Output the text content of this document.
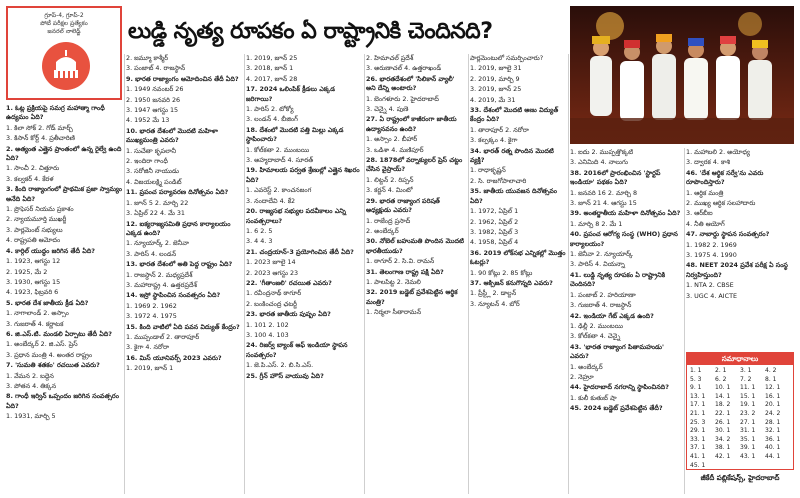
గ్రూప్-4, గ్రూప్-2
పోటీ పరీక్షల ప్రత్యేకం
జనరల్ నాలెడ్జ్	లుడ్డి నృత్య రూపకం ఏ రాష్ట్రానికి చెందినది?

1. ఓట్ల ప్రక్రియపై సమగ్ర మహాత్మా గాంధీ ఉద్యమం ఏది?

1. కిలా సోక్ 2. గోడ్ మార్చ్

3. కిసాన్ కోర్ట్ 4. ప్రతీచారిణి

2. అత్యంత ఎత్తైన ప్రాంతంలో ఉన్న రైల్వే ఉంది ఏది?

1. సాంచీ 2. చిత్తూరు

3. కల్వకర్ 4. కేరళ

3. కింది రాజ్యాంగంలో ప్రాథమిక ప్రజా స్వామ్యం అనేది ఏది?

1. ప్రొఫెసర్ నియమ ప్రకాశం

2. న్యాయమూర్తి ముఖర్జీ

3. పార్లమెంట్ సభ్యులు

4. రాష్ట్రపతి ఆమోదం

4. కార్గిల్ యుద్ధం జరిగిన తేదీ ఏది?

1. 1923, ఆగస్టు 12

2. 1925, మే 2

3. 1930, ఆగస్టు 15

4. 1923, ఫిబ్రవరి 6

5. భారత దేశ జాతీయ క్రీడ ఏది?

1. నాగాలాండ్ 2. అస్సాం

3. గుజరాత్ 4. కర్ణాటక

6. జి.ఎస్.టి. మండలి ఏర్పాటు తేదీ ఏది?

1. అంబేద్కర్ 2. జి.ఎస్. ప్రెస్

3. ప్రధాన మంత్రి 4. అంతర రాష్ట్రం

7. 'సుమతి శతకం' రచయిత ఎవరు?

1. వేమన 2. బద్దెన

3. పోతన 4. తిక్కన

8. గాంధీ ఇర్విన్ ఒప్పందం జరిగిన సంవత్సరం ఏది?

1. 1931, మార్చి 5

2. జమ్మూ కాశ్మీర్

3. పంజాబ్ 4. రాజస్థాన్

9. భారత రాజ్యాంగం ఆమోదించిన తేదీ ఏది?

1. 1949 నవంబర్ 26

2. 1950 జనవరి 26

3. 1947 ఆగస్టు 15

4. 1952 మే 13

10. భారత దేశంలో మొదటి మహిళా ముఖ్యమంత్రి ఎవరు?

1. సుచేతా కృపలానీ

2. ఇందిరా గాంధీ

3. సరోజినీ నాయుడు

4. విజయలక్ష్మి పండిట్

11. ప్రపంచ పర్యావరణ దినోత్సవం ఏది?

1. జూన్ 5 2. మార్చి 22

3. ఏప్రిల్ 22 4. మే 31

12. ఐక్యరాజ్యసమితి ప్రధాన కార్యాలయం ఎక్కడ ఉంది?

1. న్యూయార్క్ 2. జెనీవా

3. పారిస్ 4. లండన్

13. భారత దేశంలో అతి పెద్ద రాష్ట్రం ఏది?

1. రాజస్థాన్ 2. మధ్యప్రదేశ్

3. మహారాష్ట్ర 4. ఉత్తరప్రదేశ్

14. ఇస్రో స్థాపించిన సంవత్సరం ఏది?

1. 1969 2. 1962

3. 1972 4. 1975

15. కింది వాటిలో ఏది పవన విద్యుత్ కేంద్రం?

1. ముప్పండాల్ 2. తారాపూర్

3. కైగా 4. నరోరా

16. మిస్ యూనివర్స్ 2023 ఎవరు?

1. 2019, జూన్ 1

1. 2019, జూన్ 25

3. 2018, జూన్ 1

4. 2017, జూన్ 28

17. 2024 ఒలింపిక్ క్రీడలు ఎక్కడ జరిగాయి?

1. పారిస్ 2. టోక్యో

3. లండన్ 4. బీజింగ్

18. దేశంలో మొదటి పత్తి మిల్లు ఎక్కడ స్థాపించారు?

1. కోల్‌కతా 2. ముంబయి

3. అహ్మదాబాద్ 4. సూరత్

19. హిమాలయ పర్వత శ్రేణుల్లో ఎత్తైన శిఖరం ఏది?

1. ఎవరెస్ట్ 2. కాంచనజంగ

3. నందాదేవి 4. కే2

20. రాజ్యసభ సభ్యుల పదవీకాలం ఎన్ని సంవత్సరాలు?

1. 6 2. 5

3. 4 4. 3

21. చంద్రయాన్-3 ప్రయోగించిన తేదీ ఏది?

1. 2023 జూలై 14

2. 2023 ఆగస్టు 23

22. 'గీతాంజలి' రచయిత ఎవరు?

1. రవీంద్రనాథ్ ఠాగూర్

2. బంకించంద్ర ఛటర్జీ

23. భారత జాతీయ పుష్పం ఏది?

1. 101 2. 102

3. 100 4. 103

24. రిజర్వ్ బ్యాంక్ ఆఫ్ ఇండియా స్థాపన సంవత్సరం?

1. జె.పి.ఎస్. 2. బి.సి.ఎస్.

25. గ్రీన్ హౌస్ వాయువు ఏది?

2. హిమాచల్ ప్రదేశ్

3. అరుణాచల్ 4. ఉత్తరాఖండ్

26. భారతదేశంలో 'సిలికాన్ వ్యాలీ' అని దేన్ని అంటారు?

1. బెంగళూరు 2. హైదరాబాద్

3. చెన్నై 4. పుణె

27. ఏ రాష్ట్రంలో కాజీరంగా జాతీయ ఉద్యానవనం ఉంది?

1. అస్సాం 2. బీహార్

3. ఒడిశా 4. మణిపూర్

28. 1878లో వర్నాక్యులర్ ప్రెస్ చట్టం చేసిన వైస్రాయ్?

1. లిట్టన్ 2. రిప్పన్

3. కర్జన్ 4. మింటో

29. భారత రాజ్యాంగ పరిషత్ అధ్యక్షుడు ఎవరు?

1. రాజేంద్ర ప్రసాద్

2. అంబేద్కర్

30. నోబెల్ బహుమతి పొందిన మొదటి భారతీయుడు?

1. ఠాగూర్ 2. సి.వి. రామన్

31. తెలంగాణ రాష్ట్ర పక్షి ఏది?

1. పాలపిట్ట 2. నెమలి

32. 2019 బడ్జెట్ ప్రవేశపెట్టిన ఆర్థిక మంత్రి?

1. నిర్మలా సీతారామన్

పార్లమెంటులో సమర్పించారు?

1. 2019, జూలై 31

2. 2019, మార్చి 9

3. 2019, జూన్ 25

4. 2019, మే 31

33. దేశంలో మొదటి అణు విద్యుత్ కేంద్రం ఏది?

1. తారాపూర్ 2. నరోరా

3. కల్పక్కం 4. కైగా

34. భారత్ రత్న పొందిన మొదటి వ్యక్తి?

1. రాధాకృష్ణన్

2. సి. రాజగోపాలాచారి

35. జాతీయ యువజన దినోత్సవం ఏది?

1. 1972, ఏప్రిల్ 1

2. 1962, ఏప్రిల్ 2

3. 1982, ఏప్రిల్ 3

4. 1958, ఏప్రిల్ 4

36. 2019 లోక్‌సభ ఎన్నికల్లో మొత్తం ఓటర్లు?

1. 90 కోట్లు 2. 85 కోట్లు

37. ఆక్సిజన్ కనుగొన్నది ఎవరు?

1. ప్రీస్ట్లీ 2. డాల్టన్

3. న్యూటన్ 4. బోర్

1. ఐదు 2. ముప్పత్తొక్కటి

3. ఎనిమిది 4. నాలుగు

38. 2016లో ప్రారంభించిన 'స్టార్టప్ ఇండియా' పథకం ఏది?

1. జనవరి 16 2. మార్చి 8

3. జూన్ 21 4. ఆగస్టు 15

39. అంతర్జాతీయ మహిళా దినోత్సవం ఏది?

1. మార్చి 8 2. మే 1

40. ప్రపంచ ఆరోగ్య సంస్థ (WHO) ప్రధాన కార్యాలయం?

1. జెనీవా 2. న్యూయార్క్

3. పారిస్ 4. వియన్నా

41. లుడ్డి నృత్య రూపకం ఏ రాష్ట్రానికి చెందినది?

1. పంజాబ్ 2. హరియాణా

3. గుజరాత్ 4. రాజస్థాన్

42. ఇండియా గేట్ ఎక్కడ ఉంది?

1. ఢిల్లీ 2. ముంబయి

3. కోల్‌కతా 4. చెన్నై

43. 'భారత రాజ్యాంగ పితామహుడు' ఎవరు?

1. అంబేద్కర్

2. నెహ్రూ

44. హైదరాబాద్ నగరాన్ని స్థాపించినది?

1. కులీ కుతుబ్ షా

45. 2024 బడ్జెట్ ప్రవేశపెట్టిన తేదీ?

1. మహాబలి 2. అయోధ్య

3. ద్వారక 4. కాశి

46. 'దేశ ఆర్థిక సర్వే'ను ఎవరు రూపొందిస్తారు?

1. ఆర్థిక మంత్రి

2. ముఖ్య ఆర్థిక సలహాదారు

3. ఆర్‌బీఐ

4. నీతి ఆయోగ్

47. నాబార్డు స్థాపన సంవత్సరం?

1. 1982 2. 1969

3. 1975 4. 1990

48. NEET 2024 ప్రవేశ పరీక్ష ఏ సంస్థ నిర్వహిస్తుంది?

1. NTA 2. CBSE

3. UGC 4. AICTE

సమాధానాలు
1. 1	2. 1	3. 1	4. 2
5. 3	6. 2	7. 2	8. 1
9. 1	10. 1	11. 1	12. 1
13. 1	14. 1	15. 1	16. 1
17. 1	18. 2	19. 1	20. 1
21. 1	22. 1	23. 2	24. 2
25. 3	26. 1	27. 1	28. 1
29. 1	30. 1	31. 1	32. 1
33. 1	34. 2	35. 1	36. 1
37. 1	38. 1	39. 1	40. 1
41. 1	42. 1	43. 1	44. 1
45. 1
జీకేదీ పబ్లికేషన్స్, హైదరాబాద్
